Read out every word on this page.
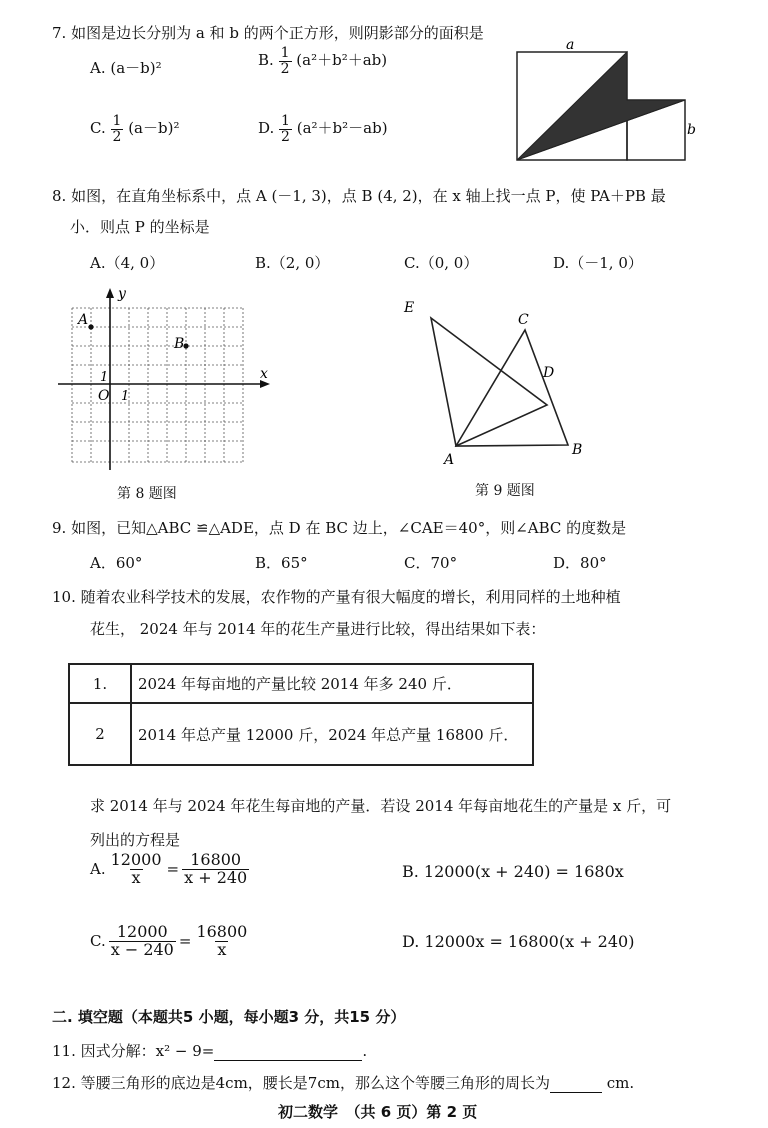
7. 如图是边长分别为 a 和 b 的两个正方形，则阴影部分的面积是
A. (a－b)²	B. $\frac{1}{2} (a^2+b^2+ab)$
C. $\frac{1}{2} (a-b)^2$	D. $\frac{1}{2} (a^2+b^2-ab)$
a
b
8. 如图，在直角坐标系中，点 A (－1, 3)，点 B (4, 2)，在 x 轴上找一点 P，使 PA＋PB 最
小．则点 P 的坐标是
A.（4, 0）	B.（2, 0）	C.（0, 0）	D.（－1, 0）
y
x
A
B
O 1
1
第 8 题图
E
C
D
A
B
第 9 题图
9. 如图，已知△ABC ≌△ADE，点 D 在 BC 边上，∠CAE＝40°，则∠ABC 的度数是
A．60°	B．65°	C．70°	D．80°
10. 随着农业科学技术的发展，农作物的产量有很大幅度的增长，利用同样的土地种植
花生， 2024 年与 2014 年的花生产量进行比较，得出结果如下表：
1.	2024 年每亩地的产量比较 2014 年多 240 斤．
2	2014 年总产量 12000 斤，2024 年总产量 16800 斤．
求 2014 年与 2024 年花生每亩地的产量．若设 2014 年每亩地花生的产量是 x 斤，可
列出的方程是
A. $\frac{12000}{x} = \frac{16800}{x + 240}$	B. 12000(x + 240) = 1680x
C. $\frac{12000}{x - 240} = \frac{16800}{x}$	D. 12000x = 16800(x + 240)
二. 填空题（本题共5 小题，每小题3 分，共15 分）
11. 因式分解：x² − 9=	.
12. 等腰三角形的底边是4cm，腰长是7cm，那么这个等腰三角形的周长为	cm.
初二数学　（共 6 页）第 2 页
